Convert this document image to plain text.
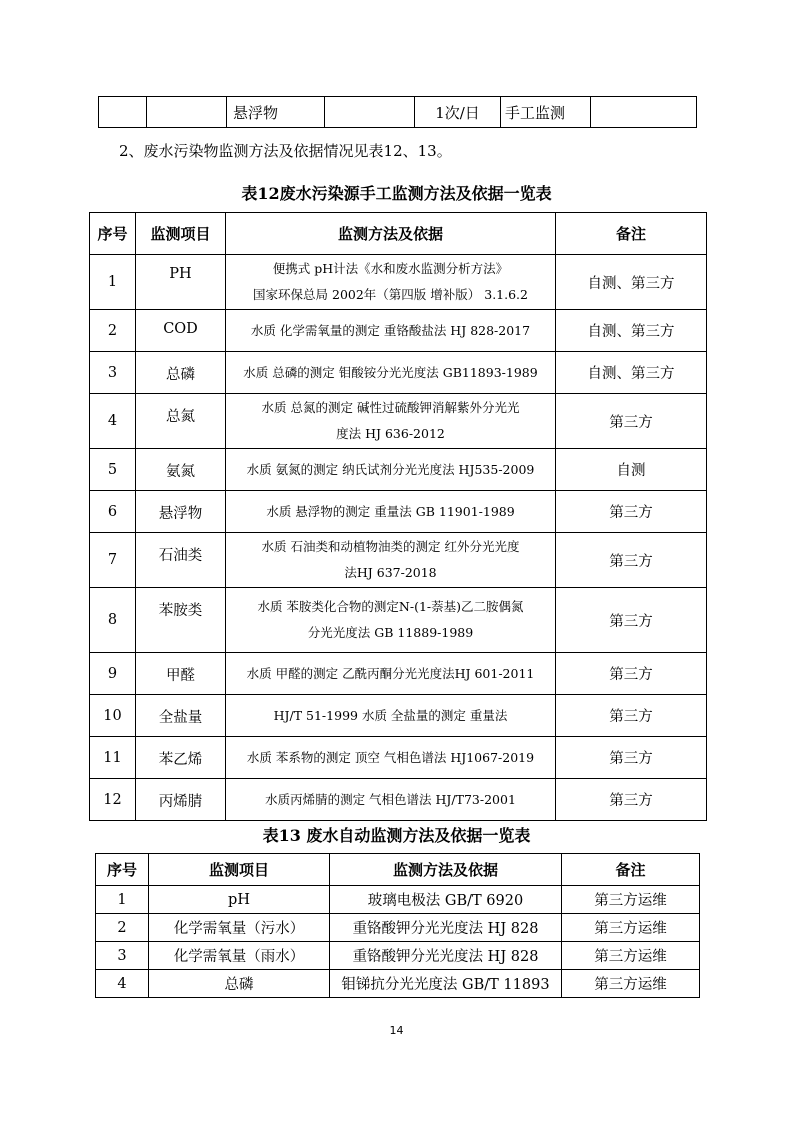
		悬浮物		1次/日	手工监测	
2、废水污染物监测方法及依据情况见表12、13。
表12废水污染源手工监测方法及依据一览表
序号	监测项目	监测方法及依据	备注
1	PH	便携式 pH计法《水和废水监测分析方法》
国家环保总局 2002年（第四版 增补版） 3.1.6.2	自测、第三方
2	COD	水质 化学需氧量的测定 重铬酸盐法 HJ 828-2017	自测、第三方
3	总磷	水质 总磷的测定 钼酸铵分光光度法 GB11893-1989	自测、第三方
4	总氮	水质 总氮的测定 碱性过硫酸钾消解紫外分光光
度法 HJ 636-2012	第三方
5	氨氮	水质 氨氮的测定 纳氏试剂分光光度法 HJ535-2009	自测
6	悬浮物	水质 悬浮物的测定 重量法 GB 11901-1989	第三方
7	石油类	水质 石油类和动植物油类的测定 红外分光光度
法HJ 637-2018	第三方
8	苯胺类	水质 苯胺类化合物的测定N-(1-萘基)乙二胺偶氮
分光光度法 GB 11889-1989	第三方
9	甲醛	水质 甲醛的测定 乙酰丙酮分光光度法HJ 601-2011	第三方
10	全盐量	HJ/T 51-1999 水质 全盐量的测定 重量法	第三方
11	苯乙烯	水质 苯系物的测定 顶空 气相色谱法 HJ1067-2019	第三方
12	丙烯腈	水质丙烯腈的测定 气相色谱法 HJ/T73-2001	第三方
表13 废水自动监测方法及依据一览表
序号	监测项目	监测方法及依据	备注
1	pH	玻璃电极法 GB/T 6920	第三方运维
2	化学需氧量（污水）	重铬酸钾分光光度法 HJ 828	第三方运维
3	化学需氧量（雨水）	重铬酸钾分光光度法 HJ 828	第三方运维
4	总磷	钼锑抗分光光度法 GB/T 11893	第三方运维
14
